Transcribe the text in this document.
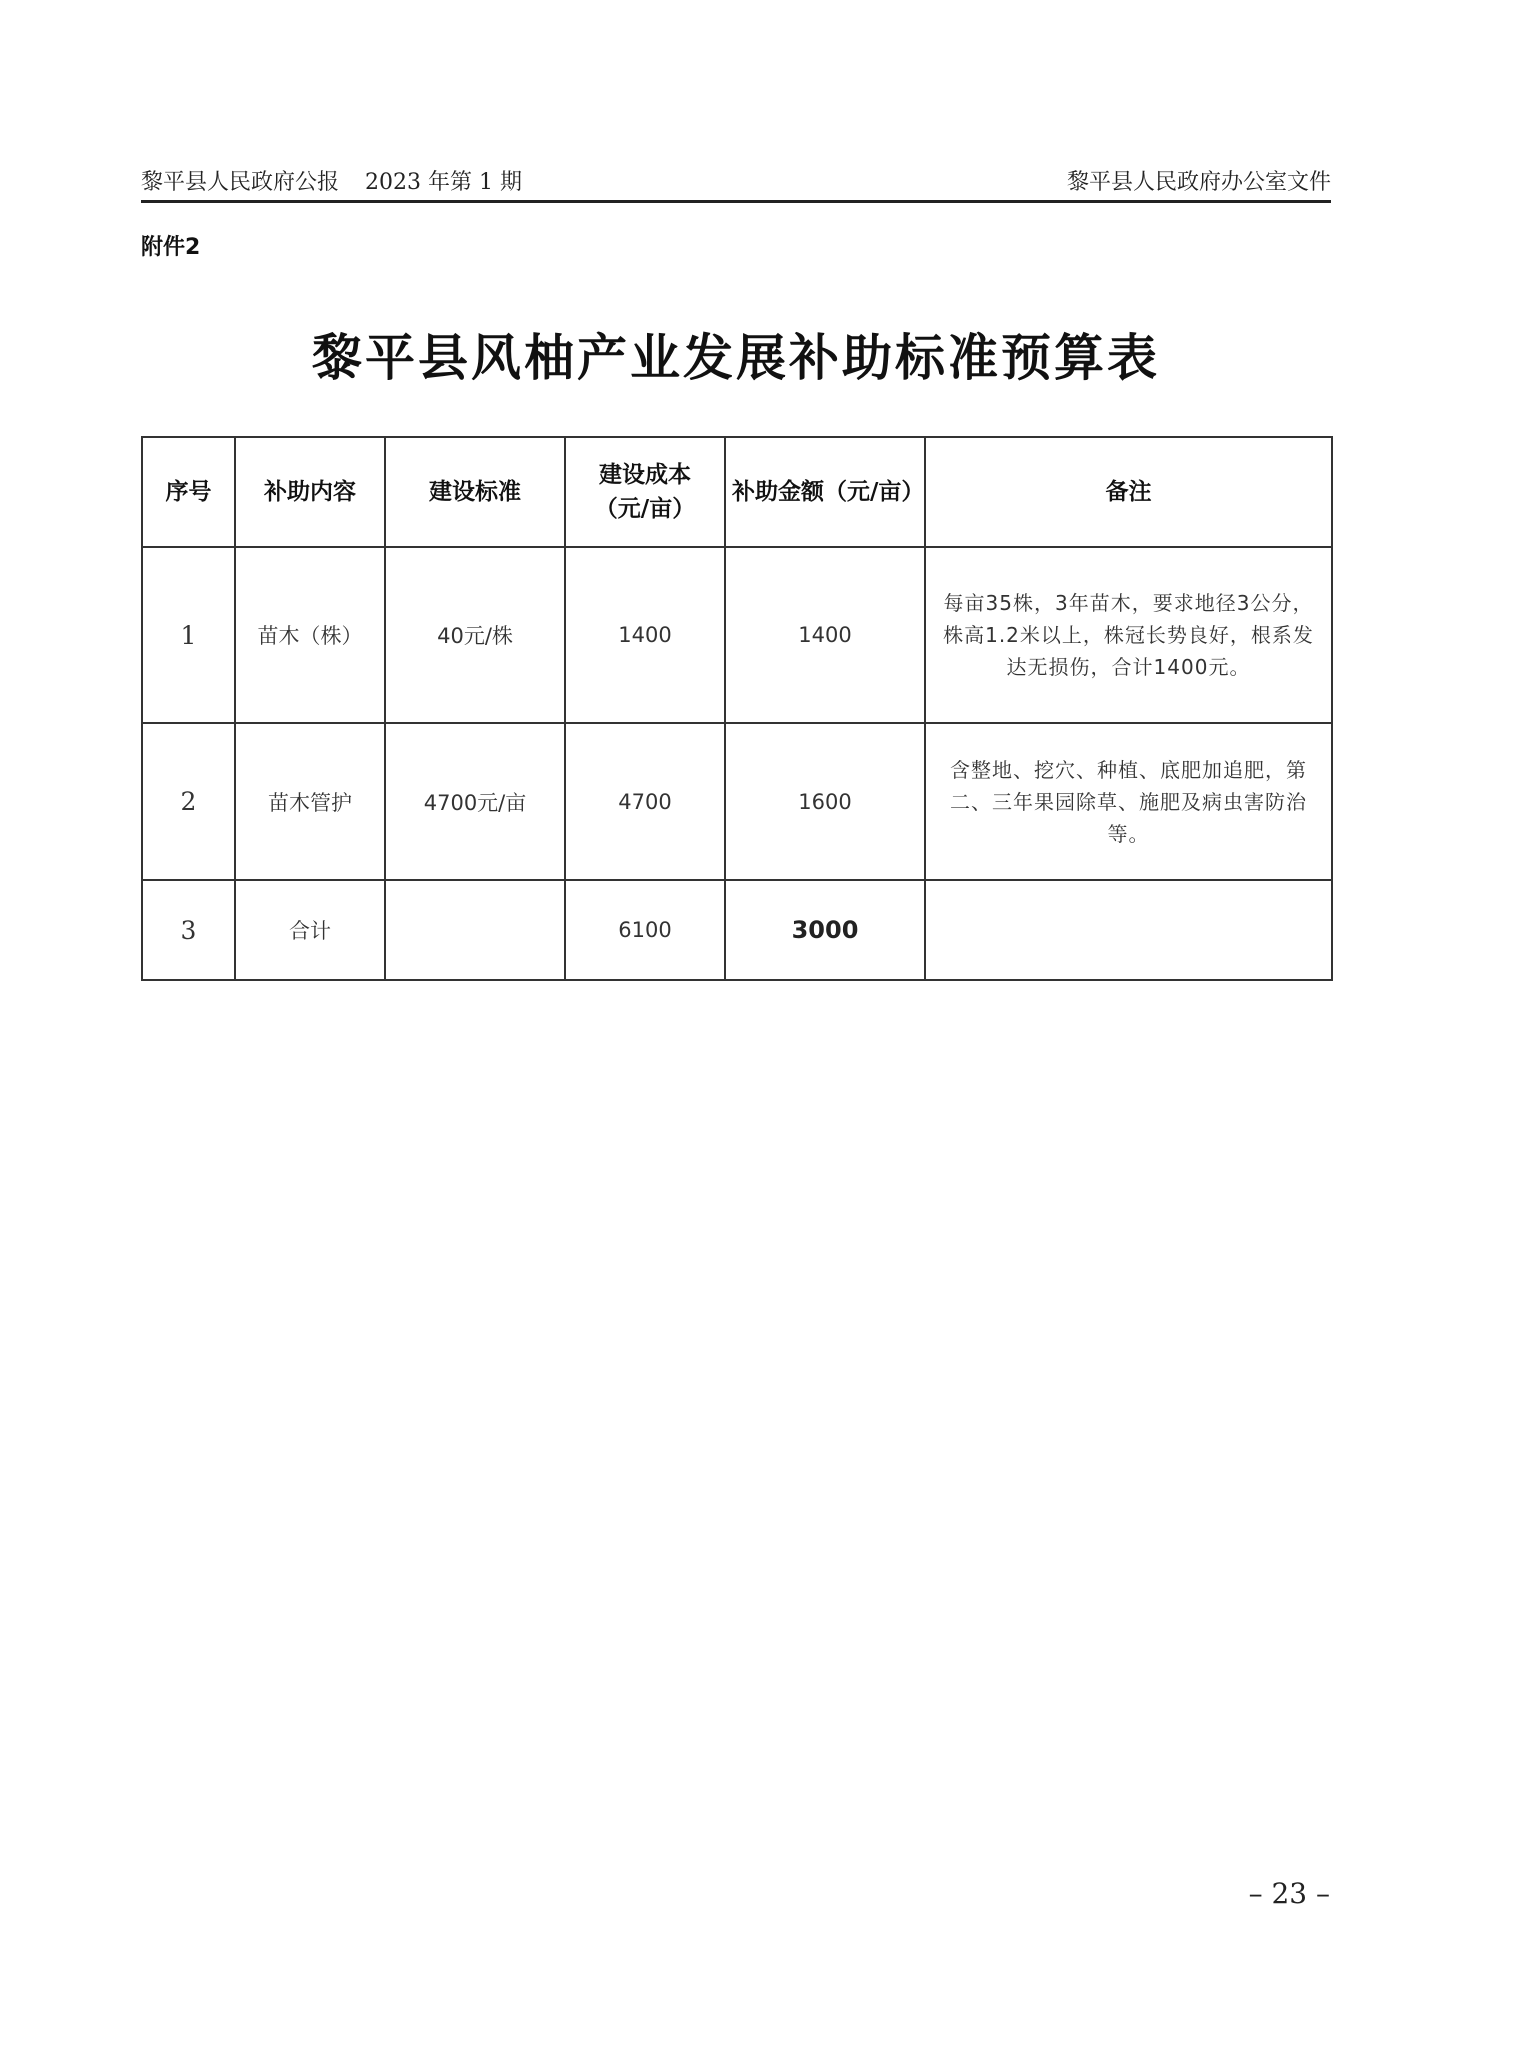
黎平县人民政府公报 2023 年第 1 期	黎平县人民政府办公室文件
附件2
黎平县风柚产业发展补助标准预算表
序号	补助内容	建设标准	建设成本（元/亩）	补助金额（元/亩）	备注
1	苗木（株）	40元/株	1400	1400	每亩35株，3年苗木，要求地径3公分，株高1.2米以上，株冠长势良好，根系发达无损伤，合计1400元。
2	苗木管护	4700元/亩	4700	1600	含整地、挖穴、种植、底肥加追肥，第二、三年果园除草、施肥及病虫害防治等。
3	合计		6100	3000	
– 23 –
